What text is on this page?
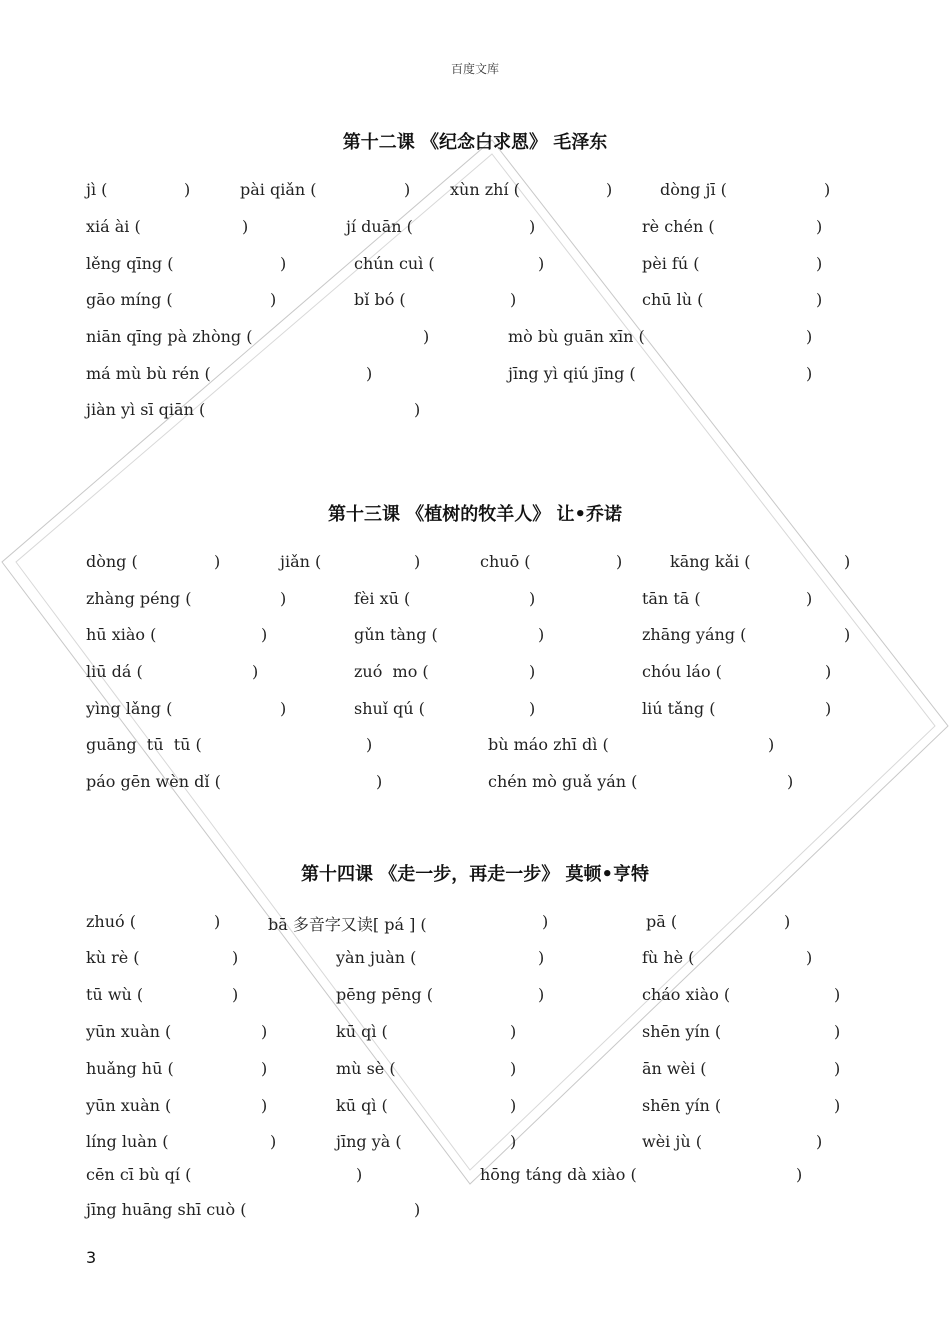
百度文库
第十二课 《纪念白求恩》 毛泽东
jì (	)	pài qiǎn (	) xùn zhí (	)	dòng jī (	)
xiá ài (	)	jí duān (	)	rè chén (	)
lěng qīng (	)	chún cuì (	)	pèi fú (	)
gāo míng (	)	bǐ bó (	)	chū lù (	)
niān qīng pà zhòng (	)	mò bù guān xīn (	)
má mù bù rén (	)	jīng yì qiú jīng (	)
jiàn yì sī qiān (	)
第十三课 《植树的牧羊人》 让•乔诺
dòng (	)	jiǎn (	)	chuō (	)	kāng kǎi (	)
zhàng péng (	)	fèi xū (	)	tān tā (	)
hū xiào (	)	gǔn tàng (	)	zhāng yáng (	)
liū dá (	)	zuó  mo (	)	chóu láo (	)
yìng lǎng (	)	shuǐ qú (	)	liú tǎng (	)
guāng  tū  tū (	)	bù máo zhī dì (	)
páo gēn wèn dǐ (	)	chén mò guǎ yán (	)
第十四课 《走一步，再走一步》 莫顿•亨特
zhuó (	)	bā 多音字又读[ pá ] (	)	pā (	)
kù rè (	)	yàn juàn (	)	fù hè (	)
tū wù (	)	pēng pēng (	)	cháo xiào (	)
yūn xuàn (	)	kū qì (	)	shēn yín (	)
huǎng hū (	)	mù sè (	)	ān wèi (	)
yūn xuàn (	)	kū qì (	)	shēn yín (	)
líng luàn (	)	jīng yà (	)	wèi jù (	)
cēn cī bù qí (	)	hōng táng dà xiào (	)
jīng huāng shī cuò (	)
3
